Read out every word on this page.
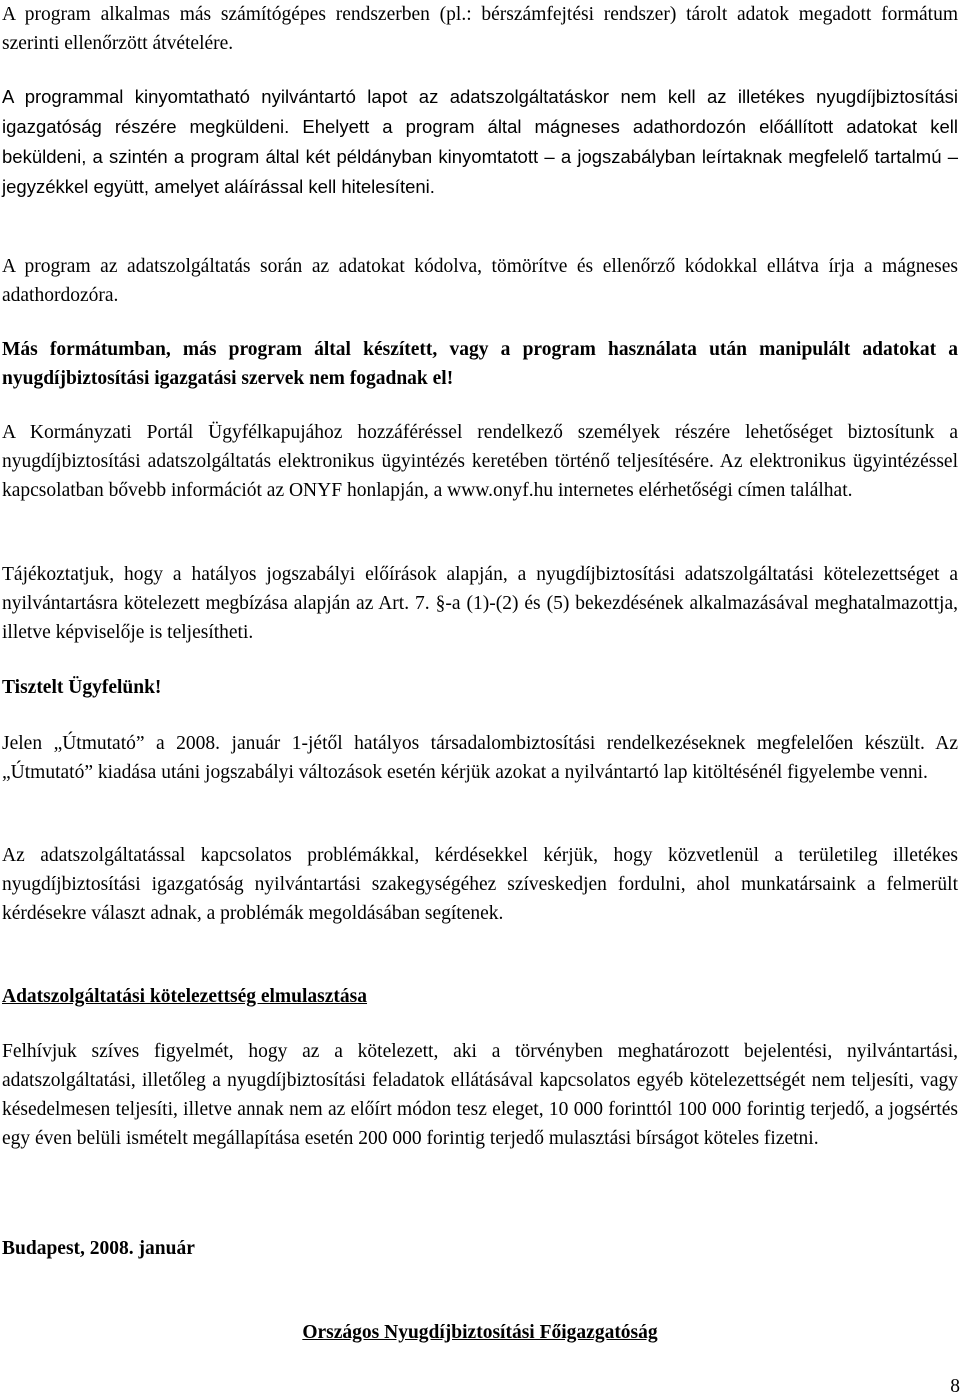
A program alkalmas más számítógépes rendszerben (pl.: bérszámfejtési rendszer) tárolt adatok megadott formátum szerinti ellenőrzött átvételére.

A programmal kinyomtatható nyilvántartó lapot az adatszolgáltatáskor nem kell az illetékes nyugdíjbiztosítási igazgatóság részére megküldeni. Ehelyett a program által mágneses adathordozón előállított adatokat kell beküldeni, a szintén a program által két példányban kinyomtatott – a jogszabályban leírtaknak megfelelő tartalmú – jegyzékkel együtt, amelyet aláírással kell hitelesíteni.

A program az adatszolgáltatás során az adatokat kódolva, tömörítve és ellenőrző kódokkal ellátva írja a mágneses adathordozóra.

Más formátumban, más program által készített, vagy a program használata után manipulált adatokat a nyugdíjbiztosítási igazgatási szervek nem fogadnak el!

A Kormányzati Portál Ügyfélkapujához hozzáféréssel rendelkező személyek részére lehetőséget biztosítunk a nyugdíjbiztosítási adatszolgáltatás elektronikus ügyintézés keretében történő teljesítésére. Az elektronikus ügyintézéssel kapcsolatban bővebb információt az ONYF honlapján, a www.onyf.hu internetes elérhetőségi címen találhat.

Tájékoztatjuk, hogy a hatályos jogszabályi előírások alapján, a nyugdíjbiztosítási adatszolgáltatási kötelezettséget a nyilvántartásra kötelezett megbízása alapján az Art. 7. §-a (1)-(2) és (5) bekezdésének alkalmazásával meghatalmazottja, illetve képviselője is teljesítheti.

Tisztelt Ügyfelünk!

Jelen „Útmutató” a 2008. január 1-jétől hatályos társadalombiztosítási rendelkezéseknek megfelelően készült. Az „Útmutató” kiadása utáni jogszabályi változások esetén kérjük azokat a nyilvántartó lap kitöltésénél figyelembe venni.

Az adatszolgáltatással kapcsolatos problémákkal, kérdésekkel kérjük, hogy közvetlenül a területileg illetékes nyugdíjbiztosítási igazgatóság nyilvántartási szakegységéhez szíveskedjen fordulni, ahol munkatársaink a felmerült kérdésekre választ adnak, a problémák megoldásában segítenek.

Adatszolgáltatási kötelezettség elmulasztása

Felhívjuk szíves figyelmét, hogy az a kötelezett, aki a törvényben meghatározott bejelentési, nyilvántartási, adatszolgáltatási, illetőleg a nyugdíjbiztosítási feladatok ellátásával kapcsolatos egyéb kötelezettségét nem teljesíti, vagy késedelmesen teljesíti, illetve annak nem az előírt módon tesz eleget, 10 000 forinttól 100 000 forintig terjedő, a jogsértés egy éven belüli ismételt megállapítása esetén 200 000 forintig terjedő mulasztási bírságot köteles fizetni.

Budapest, 2008. január

Országos Nyugdíjbiztosítási Főigazgatóság

8
